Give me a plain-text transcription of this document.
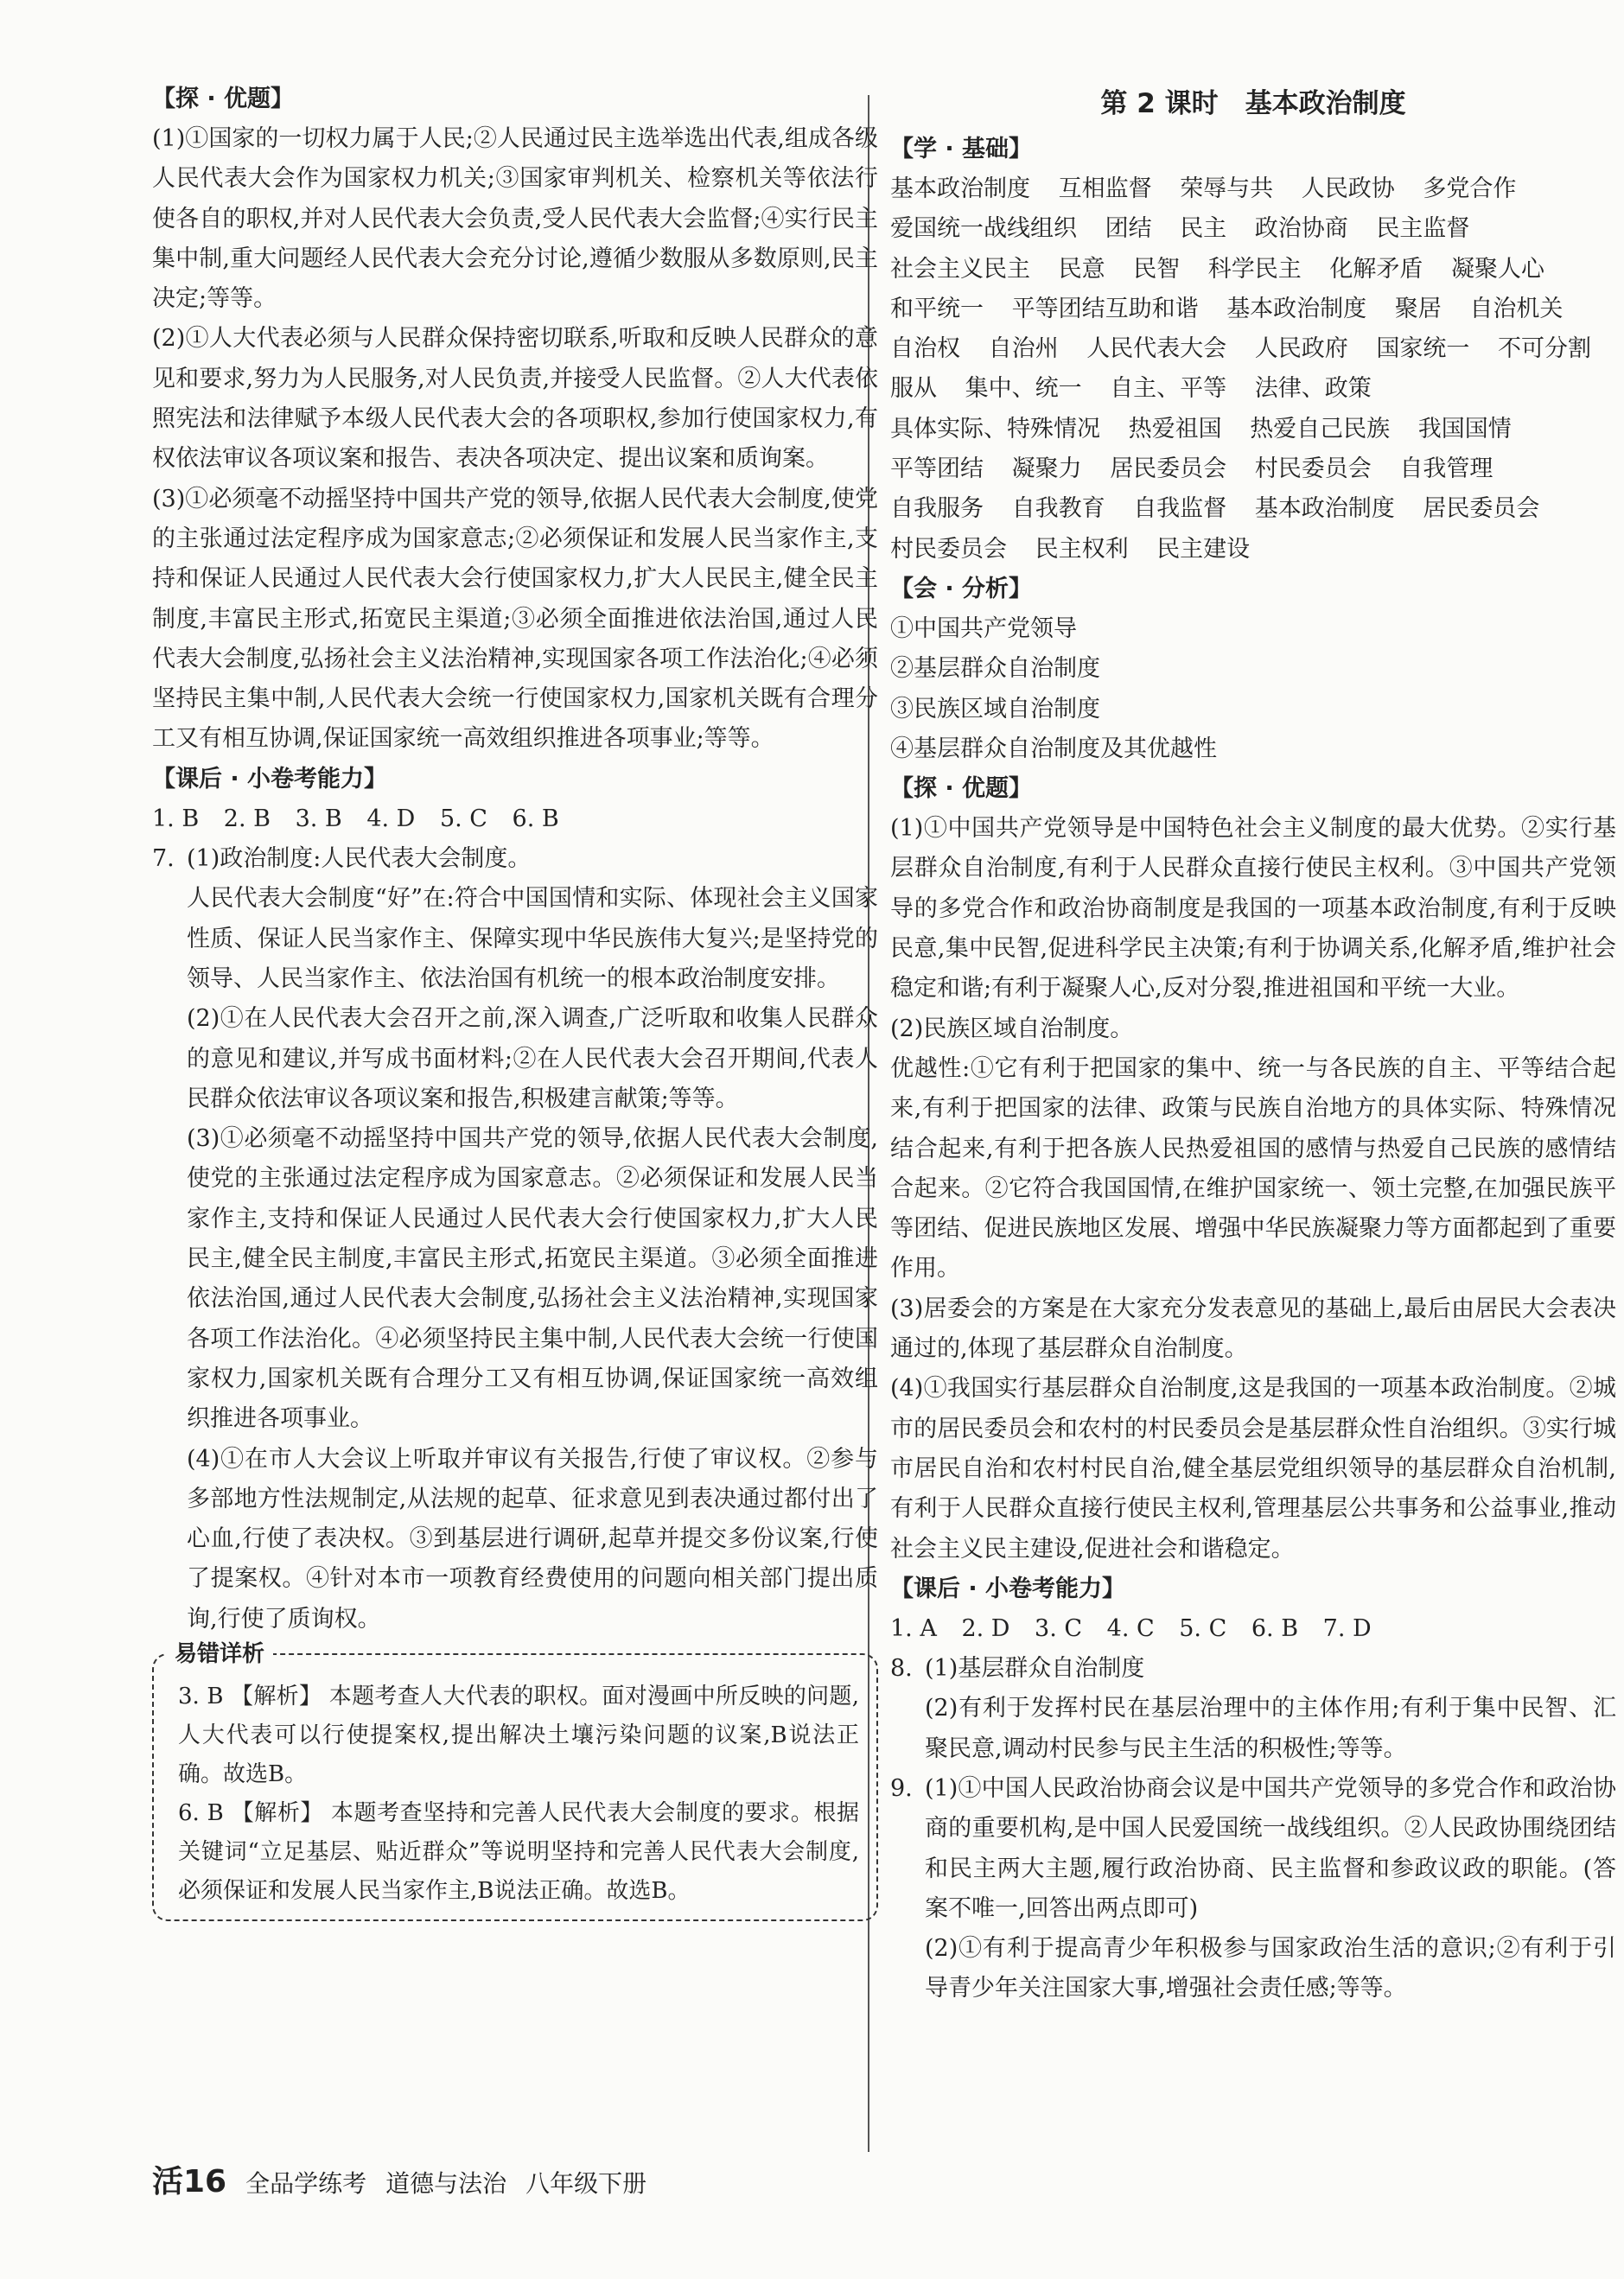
【探 · 优题】

(1)①国家的一切权力属于人民;②人民通过民主选举选出代表,组成各级人民代表大会作为国家权力机关;③国家审判机关、检察机关等依法行使各自的职权,并对人民代表大会负责,受人民代表大会监督;④实行民主集中制,重大问题经人民代表大会充分讨论,遵循少数服从多数原则,民主决定;等等。

(2)①人大代表必须与人民群众保持密切联系,听取和反映人民群众的意见和要求,努力为人民服务,对人民负责,并接受人民监督。②人大代表依照宪法和法律赋予本级人民代表大会的各项职权,参加行使国家权力,有权依法审议各项议案和报告、表决各项决定、提出议案和质询案。

(3)①必须毫不动摇坚持中国共产党的领导,依据人民代表大会制度,使党的主张通过法定程序成为国家意志;②必须保证和发展人民当家作主,支持和保证人民通过人民代表大会行使国家权力,扩大人民民主,健全民主制度,丰富民主形式,拓宽民主渠道;③必须全面推进依法治国,通过人民代表大会制度,弘扬社会主义法治精神,实现国家各项工作法治化;④必须坚持民主集中制,人民代表大会统一行使国家权力,国家机关既有合理分工又有相互协调,保证国家统一高效组织推进各项事业;等等。

【课后 · 小卷考能力】
1. B 2. B 3. B 4. D 5. C 6. B

7. (1)政治制度:人民代表大会制度。

人民代表大会制度“好”在:符合中国国情和实际、体现社会主义国家性质、保证人民当家作主、保障实现中华民族伟大复兴;是坚持党的领导、人民当家作主、依法治国有机统一的根本政治制度安排。

(2)①在人民代表大会召开之前,深入调查,广泛听取和收集人民群众的意见和建议,并写成书面材料;②在人民代表大会召开期间,代表人民群众依法审议各项议案和报告,积极建言献策;等等。

(3)①必须毫不动摇坚持中国共产党的领导,依据人民代表大会制度,使党的主张通过法定程序成为国家意志。②必须保证和发展人民当家作主,支持和保证人民通过人民代表大会行使国家权力,扩大人民民主,健全民主制度,丰富民主形式,拓宽民主渠道。③必须全面推进依法治国,通过人民代表大会制度,弘扬社会主义法治精神,实现国家各项工作法治化。④必须坚持民主集中制,人民代表大会统一行使国家权力,国家机关既有合理分工又有相互协调,保证国家统一高效组织推进各项事业。

(4)①在市人大会议上听取并审议有关报告,行使了审议权。②参与多部地方性法规制定,从法规的起草、征求意见到表决通过都付出了心血,行使了表决权。③到基层进行调研,起草并提交多份议案,行使了提案权。④针对本市一项教育经费使用的问题向相关部门提出质询,行使了质询权。

易错详析

3. B 【解析】 本题考查人大代表的职权。面对漫画中所反映的问题,人大代表可以行使提案权,提出解决土壤污染问题的议案,B说法正确。故选B。

6. B 【解析】 本题考查坚持和完善人民代表大会制度的要求。根据关键词“立足基层、贴近群众”等说明坚持和完善人民代表大会制度,必须保证和发展人民当家作主,B说法正确。故选B。

第 2 课时　基本政治制度
【学 · 基础】
基本政治制度 互相监督 荣辱与共 人民政协 多党合作 爱国统一战线组织 团结 民主 政治协商 民主监督 社会主义民主 民意 民智 科学民主 化解矛盾 凝聚人心 和平统一 平等团结互助和谐 基本政治制度 聚居 自治机关 自治权 自治州 人民代表大会 人民政府 国家统一 不可分割 服从 集中、统一 自主、平等 法律、政策 具体实际、特殊情况 热爱祖国 热爱自己民族 我国国情 平等团结 凝聚力 居民委员会 村民委员会 自我管理 自我服务 自我教育 自我监督 基本政治制度 居民委员会 村民委员会 民主权利 民主建设
【会 · 分析】
①中国共产党领导
②基层群众自治制度
③民族区域自治制度
④基层群众自治制度及其优越性
【探 · 优题】

(1)①中国共产党领导是中国特色社会主义制度的最大优势。②实行基层群众自治制度,有利于人民群众直接行使民主权利。③中国共产党领导的多党合作和政治协商制度是我国的一项基本政治制度,有利于反映民意,集中民智,促进科学民主决策;有利于协调关系,化解矛盾,维护社会稳定和谐;有利于凝聚人心,反对分裂,推进祖国和平统一大业。

(2)民族区域自治制度。

优越性:①它有利于把国家的集中、统一与各民族的自主、平等结合起来,有利于把国家的法律、政策与民族自治地方的具体实际、特殊情况结合起来,有利于把各族人民热爱祖国的感情与热爱自己民族的感情结合起来。②它符合我国国情,在维护国家统一、领土完整,在加强民族平等团结、促进民族地区发展、增强中华民族凝聚力等方面都起到了重要作用。

(3)居委会的方案是在大家充分发表意见的基础上,最后由居民大会表决通过的,体现了基层群众自治制度。

(4)①我国实行基层群众自治制度,这是我国的一项基本政治制度。②城市的居民委员会和农村的村民委员会是基层群众性自治组织。③实行城市居民自治和农村村民自治,健全基层党组织领导的基层群众自治机制,有利于人民群众直接行使民主权利,管理基层公共事务和公益事业,推动社会主义民主建设,促进社会和谐稳定。

【课后 · 小卷考能力】
1. A 2. D 3. C 4. C 5. C 6. B 7. D

8. (1)基层群众自治制度

(2)有利于发挥村民在基层治理中的主体作用;有利于集中民智、汇聚民意,调动村民参与民主生活的积极性;等等。

9. (1)①中国人民政治协商会议是中国共产党领导的多党合作和政治协商的重要机构,是中国人民爱国统一战线组织。②人民政协围绕团结和民主两大主题,履行政治协商、民主监督和参政议政的职能。(答案不唯一,回答出两点即可)

(2)①有利于提高青少年积极参与国家政治生活的意识;②有利于引导青少年关注国家大事,增强社会责任感;等等。

活16 全品学练考 道德与法治 八年级下册
